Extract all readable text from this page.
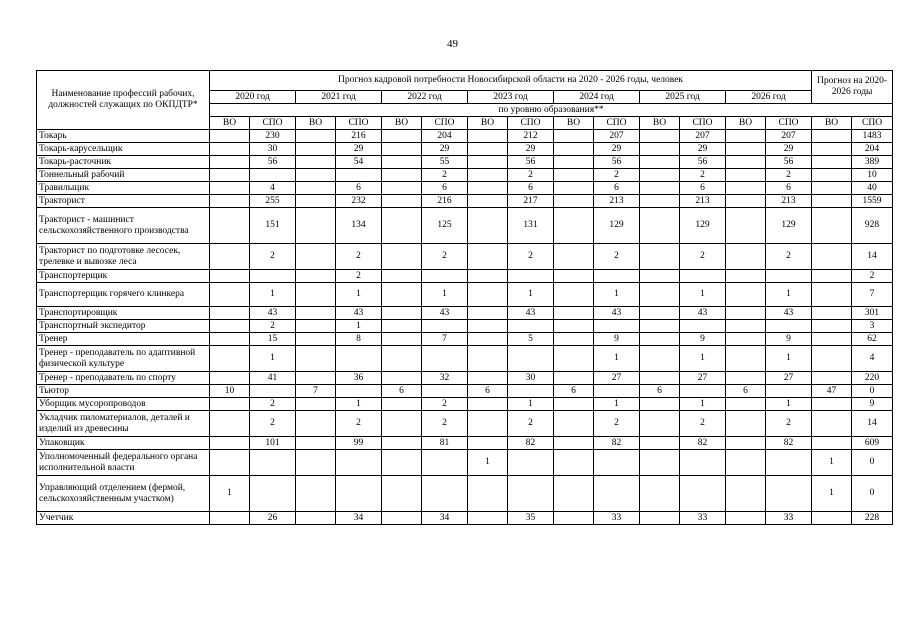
49
Наименование профессий рабочих, должностей служащих по ОКПДТР*	Прогноз кадровой потребности Новосибирской области на 2020 - 2026 годы, человек														Прогноз на 2020-2026 годы	
	2020 год		2021 год		2022 год		2023 год		2024 год		2025 год		2026 год			
	по уровню образования**															
	ВО	СПО	ВО	СПО	ВО	СПО	ВО	СПО	ВО	СПО	ВО	СПО	ВО	СПО	ВО	СПО
Токарь		230		216		204		212		207		207		207		1483
Токарь-карусельщик		30		29		29		29		29		29		29		204
Токарь-расточник		56		54		55		56		56		56		56		389
Тоннельный рабочий						2		2		2		2		2		10
Травильщик		4		6		6		6		6		6		6		40
Тракторист		255		232		216		217		213		213		213		1559
Тракторист - машинист сельскохозяйственного производства		151		134		125		131		129		129		129		928
Тракторист по подготовке лесосек, трелевке и вывозке леса		2		2		2		2		2		2		2		14
Транспортерщик				2												2
Транспортерщик горячего клинкера		1		1		1		1		1		1		1		7
Транспортировщик		43		43		43		43		43		43		43		301
Транспортный экспедитор		2		1												3
Тренер		15		8		7		5		9		9		9		62
Тренер - преподаватель по адаптивной физической культуре		1								1		1		1		4
Тренер - преподаватель по спорту		41		36		32		30		27		27		27		220
Тьютор	10		7		6		6		6		6		6		47	0
Уборщик мусоропроводов		2		1		2		1		1		1		1		9
Укладчик пиломатериалов, деталей и изделий из древесины		2		2		2		2		2		2		2		14
Упаковщик		101		99		81		82		82		82		82		609
Уполномоченный федерального органа исполнительной власти							1								1	0
Управляющий отделением (фермой, сельскохозяйственным участком)	1														1	0
Учетчик		26		34		34		35		33		33		33		228
